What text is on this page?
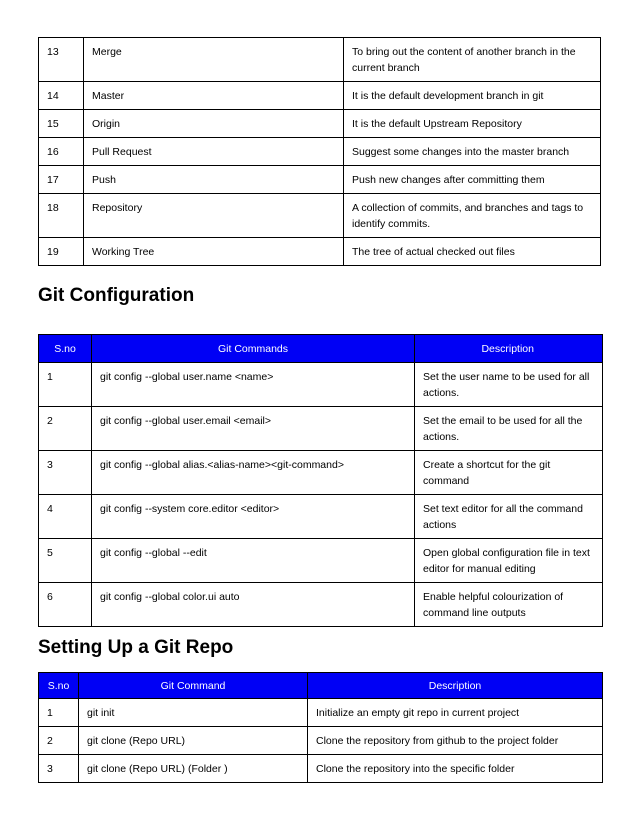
13	Merge	To bring out the content of another branch in the current branch
14	Master	It is the default development branch in git
15	Origin	It is the default Upstream Repository
16	Pull Request	Suggest some changes into the master branch
17	Push	Push new changes after committing them
18	Repository	A collection of commits, and branches and tags to identify commits.
19	Working Tree	The tree of actual checked out files
Git Configuration
S.no	Git Commands	Description
1	git config --global user.name <name>	Set the user name to be used for all actions.
2	git config --global user.email <email>	Set the email to be used for all the actions.
3	git config --global alias.<alias-name><git-command>	Create a shortcut for the git command
4	git config --system core.editor <editor>	Set text editor for all the command actions
5	git config --global --edit	Open global configuration file in text editor for manual editing
6	git config --global color.ui auto	Enable helpful colourization of command line outputs
Setting Up a Git Repo
S.no	Git Command	Description
1	git init	Initialize an empty git repo in current project
2	git clone (Repo URL)	Clone the repository from github to the project folder
3	git clone (Repo URL) (Folder )	Clone the repository into the specific folder
